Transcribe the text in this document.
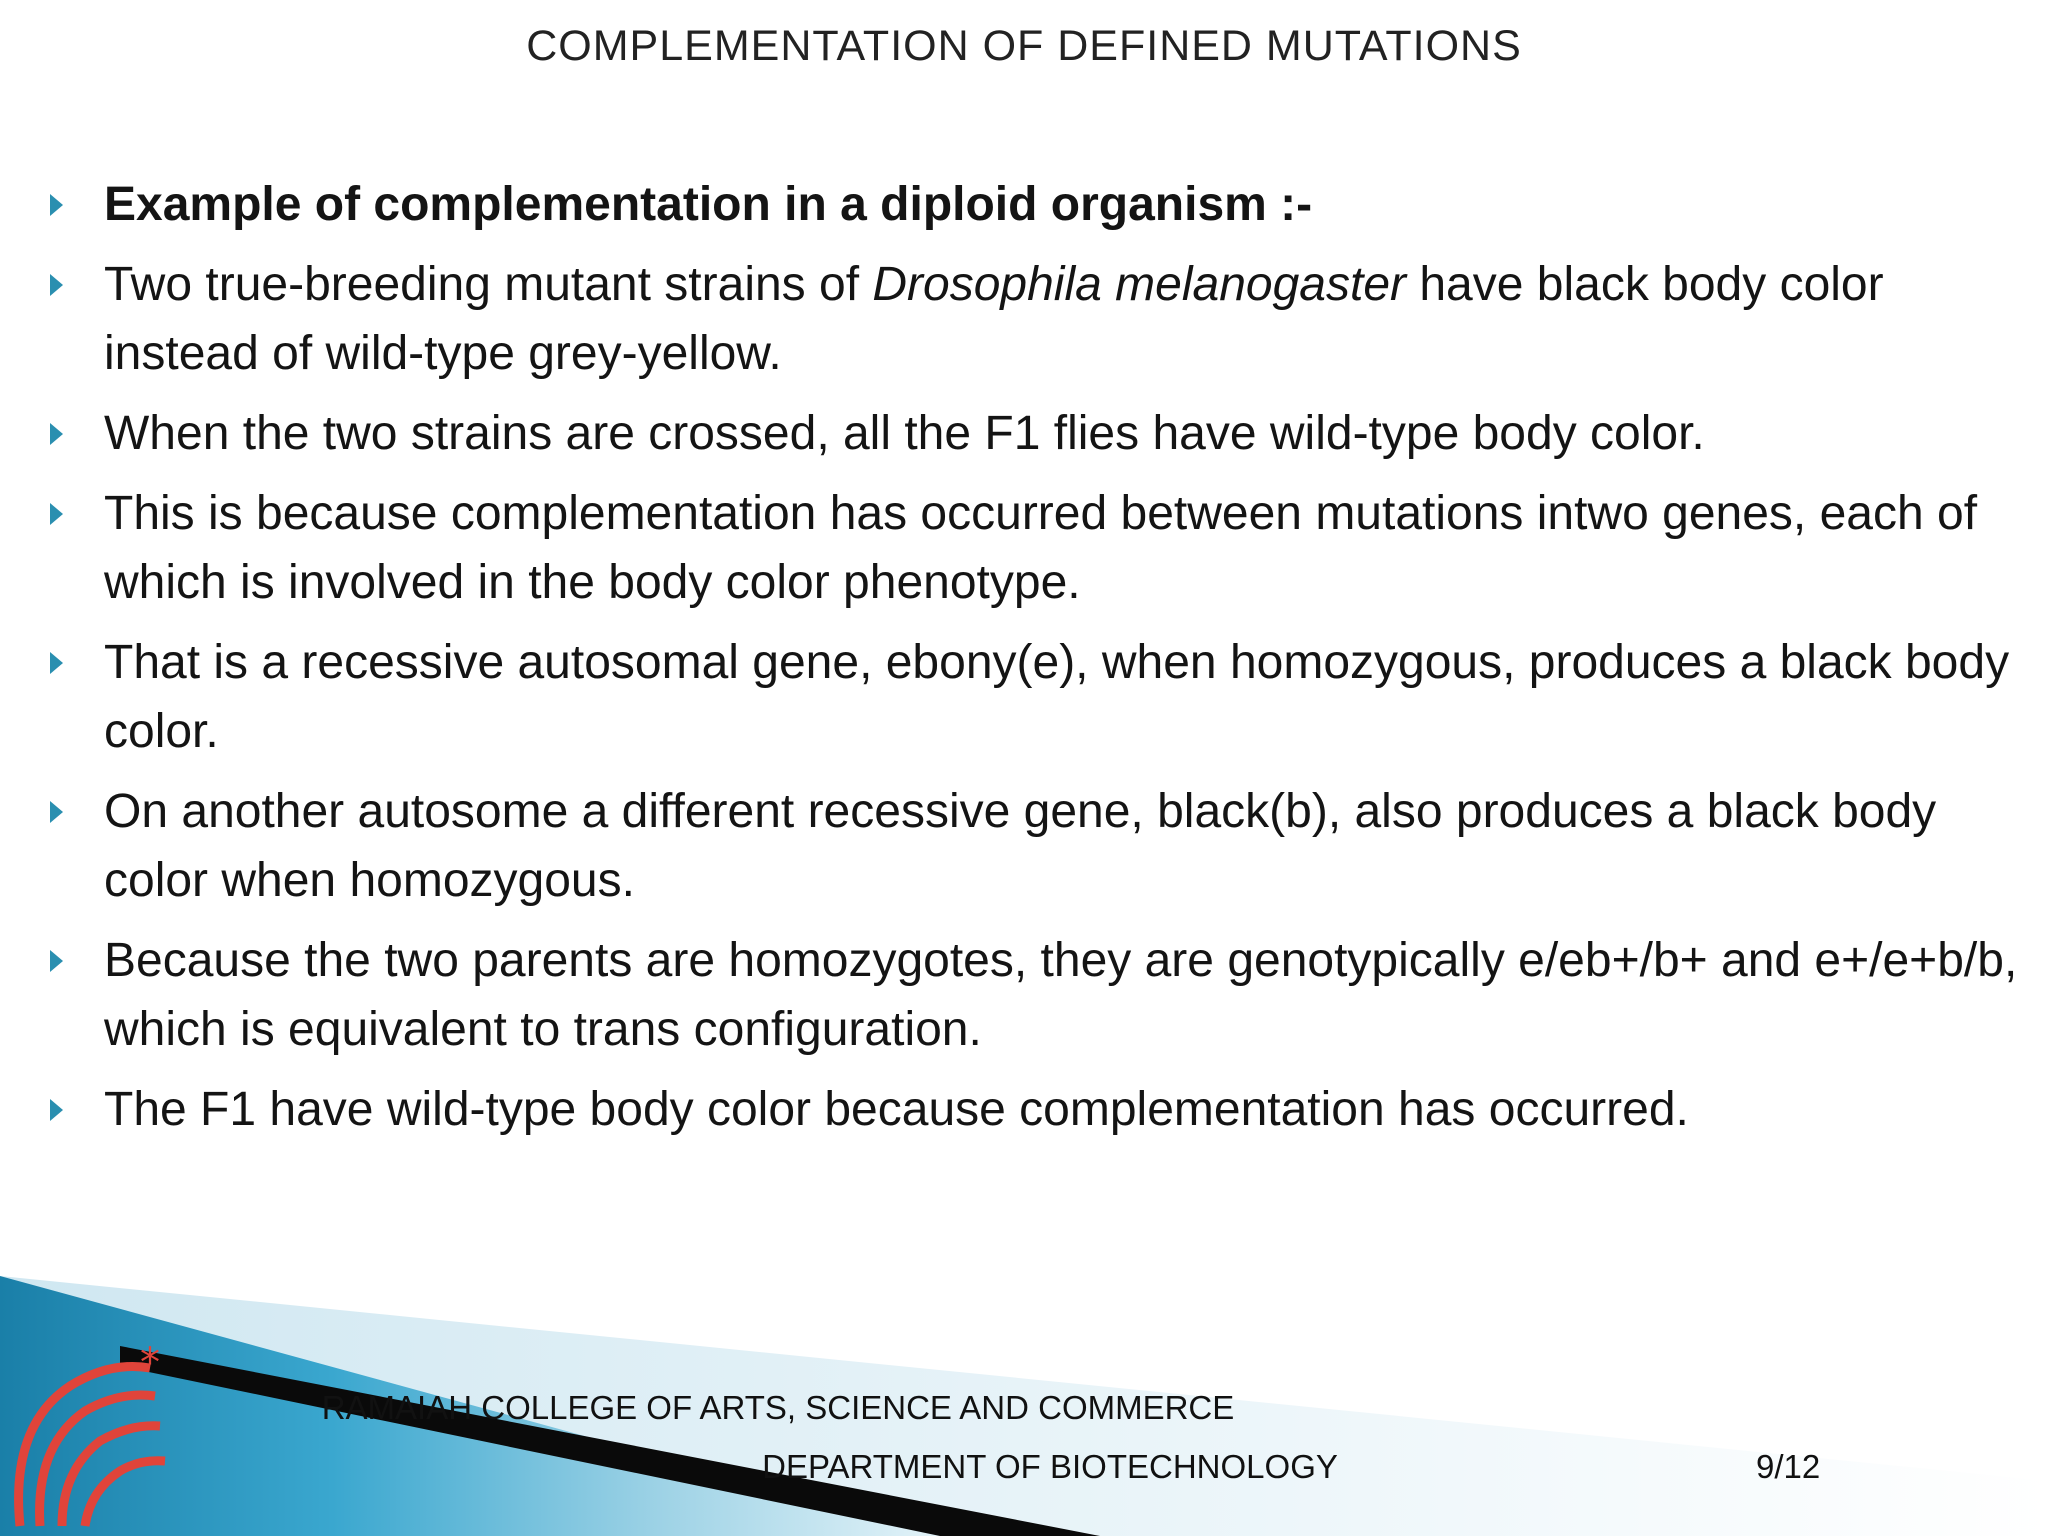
COMPLEMENTATION OF DEFINED MUTATIONS
Example of complementation in a diploid organism :-
Two true-breeding mutant strains of Drosophila melanogaster have black body color instead of wild-type grey-yellow.
When the two strains are crossed, all the F1 flies have wild-type body color.
This is because complementation has occurred between mutations intwo genes, each of which is involved in the body color phenotype.
That is a recessive autosomal gene, ebony(e), when homozygous, produces a black body color.
On another autosome a different recessive gene, black(b), also produces a black body color when homozygous.
Because the two parents are homozygotes, they are genotypically e/eb+/b+ and e+/e+b/b, which is equivalent to trans configuration.
The F1 have wild-type body color because complementation has occurred.
*
RAMAIAH COLLEGE OF ARTS, SCIENCE AND COMMERCE
DEPARTMENT OF BIOTECHNOLOGY	9/12
